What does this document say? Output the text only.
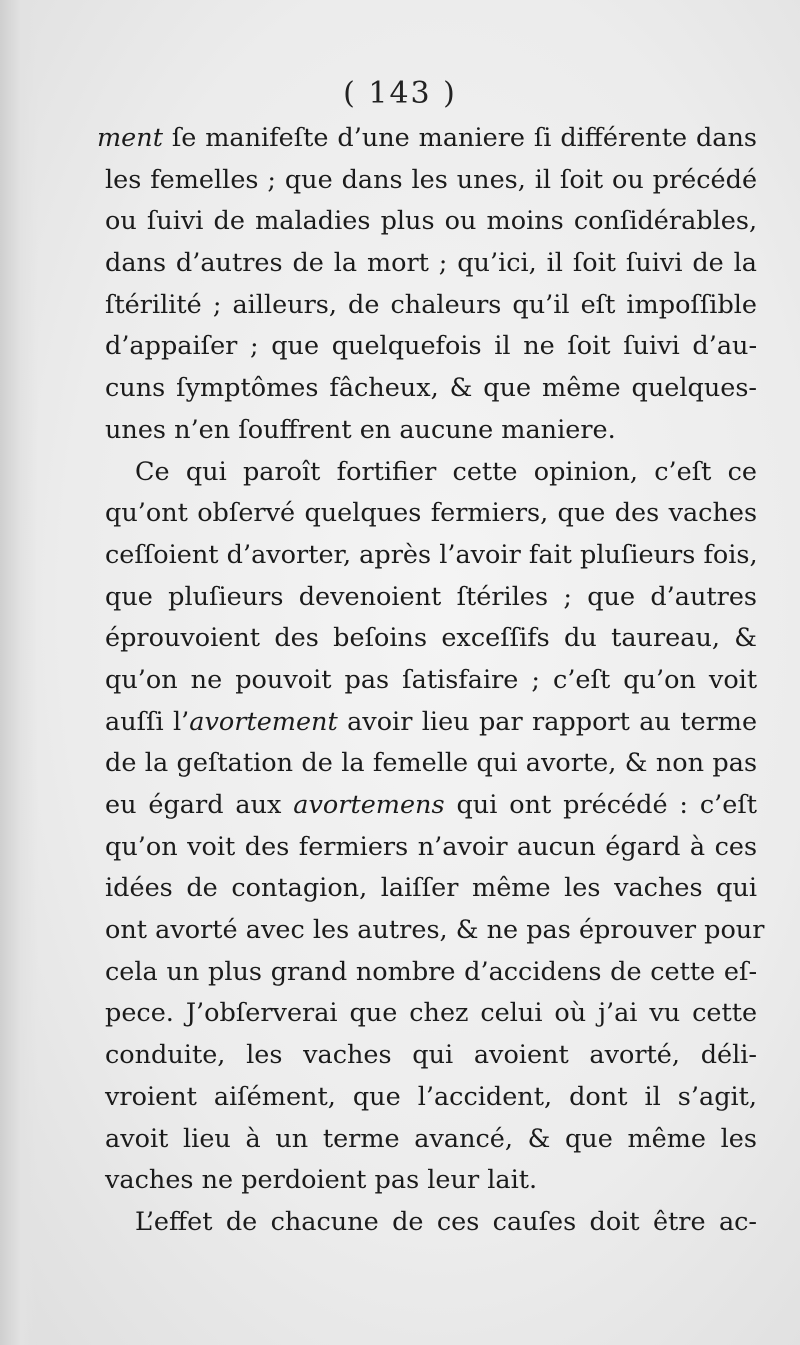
( 143 )
ment ſe manifeſte d’une maniere ſi différente dans
les femelles ; que dans les unes, il ſoit ou précédé
ou ſuivi de maladies plus ou moins conſidérables,
dans d’autres de la mort ; qu’ici, il ſoit ſuivi de la
ſtérilité ; ailleurs, de chaleurs qu’il eſt impoſſible
d’appaiſer ; que quelquefois il ne ſoit ſuivi d’au-
cuns ſymptômes fâcheux, & que même quelques-
unes n’en ſouffrent en aucune maniere.
Ce qui paroît fortifier cette opinion, c’eſt ce
qu’ont obſervé quelques fermiers, que des vaches
ceſſoient d’avorter, après l’avoir fait pluſieurs fois,
que pluſieurs devenoient ſtériles ; que d’autres
éprouvoient des beſoins exceſſifs du taureau, &
qu’on ne pouvoit pas ſatisfaire ; c’eſt qu’on voit
auſſi l’avortement avoir lieu par rapport au terme
de la geſtation de la femelle qui avorte, & non pas
eu égard aux avortemens qui ont précédé : c’eſt
qu’on voit des fermiers n’avoir aucun égard à ces
idées de contagion, laiſſer même les vaches qui
ont avorté avec les autres, & ne pas éprouver pour
cela un plus grand nombre d’accidens de cette eſ-
pece. J’obſerverai que chez celui où j’ai vu cette
conduite, les vaches qui avoient avorté, déli-
vroient aiſément, que l’accident, dont il s’agit,
avoit lieu à un terme avancé, & que même les
vaches ne perdoient pas leur lait.
L’effet de chacune de ces cauſes doit être ac-
